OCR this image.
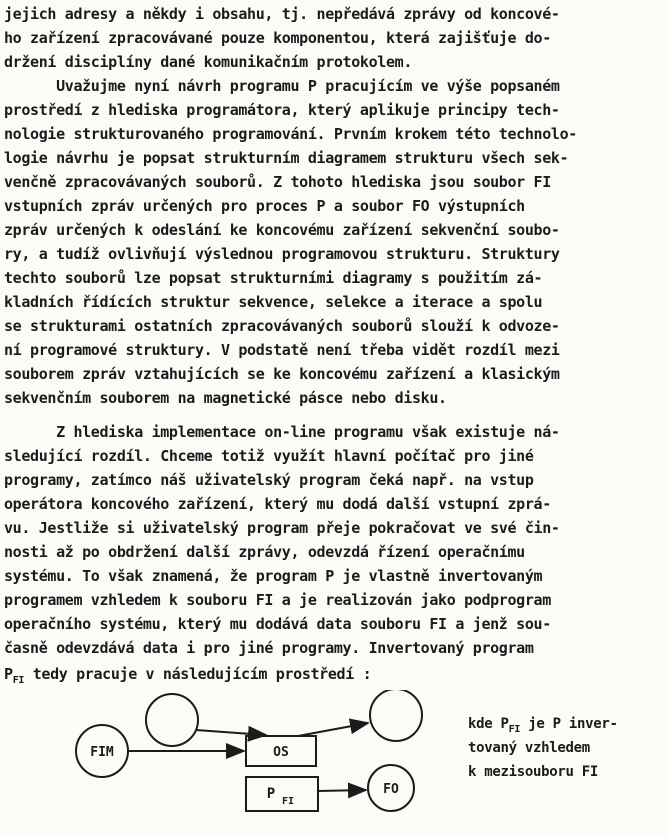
jejich adresy a někdy i obsahu, tj. nepředává zprávy od koncové-
ho zařízení zpracovávané pouze komponentou, která zajišťuje do-
držení disciplíny dané komunikačním protokolem.
Uvažujme nyní návrh programu P pracujícím ve výše popsaném
prostředí z hlediska programátora, který aplikuje principy tech-
nologie strukturovaného programování. Prvním krokem této technolo-
logie návrhu je popsat strukturním diagramem strukturu všech sek-
venčně zpracovávaných souborů. Z tohoto hlediska jsou soubor FI
vstupních zpráv určených pro proces P a soubor FO výstupních
zpráv určených k odeslání ke koncovému zařízení sekvenční soubo-
ry, a tudíž ovlivňují výslednou programovou strukturu. Struktury
techto souborů lze popsat strukturními diagramy s použitím zá-
kladních řídících struktur sekvence, selekce a iterace a spolu
se strukturami ostatních zpracovávaných souborů slouží k odvoze-
ní programové struktury. V podstatě není třeba vidět rozdíl mezi
souborem zpráv vztahujících se ke koncovému zařízení a klasickým
sekvenčním souborem na magnetické pásce nebo disku.
Z hlediska implementace on-line programu však existuje ná-
sledující rozdíl. Chceme totiž využít hlavní počítač pro jiné
programy, zatímco náš uživatelský program čeká např. na vstup
operátora koncového zařízení, který mu dodá další vstupní zprá-
vu. Jestliže si uživatelský program přeje pokračovat ve své čin-
nosti až po obdržení další zprávy, odevzdá řízení operačnímu
systému. To však znamená, že program P je vlastně invertovaným
programem vzhledem k souboru FI a je realizován jako podprogram
operačního systému, který mu dodává data souboru FI a jenž sou-
časně odevzdává data i pro jiné programy. Invertovaný program
$P_{FI}$ tedy pracuje v následujícím prostředí :
FIM	OS
P FI
FO
kde $P_{FI}$ je P inver-
tovaný vzhledem
k mezisouboru FI
